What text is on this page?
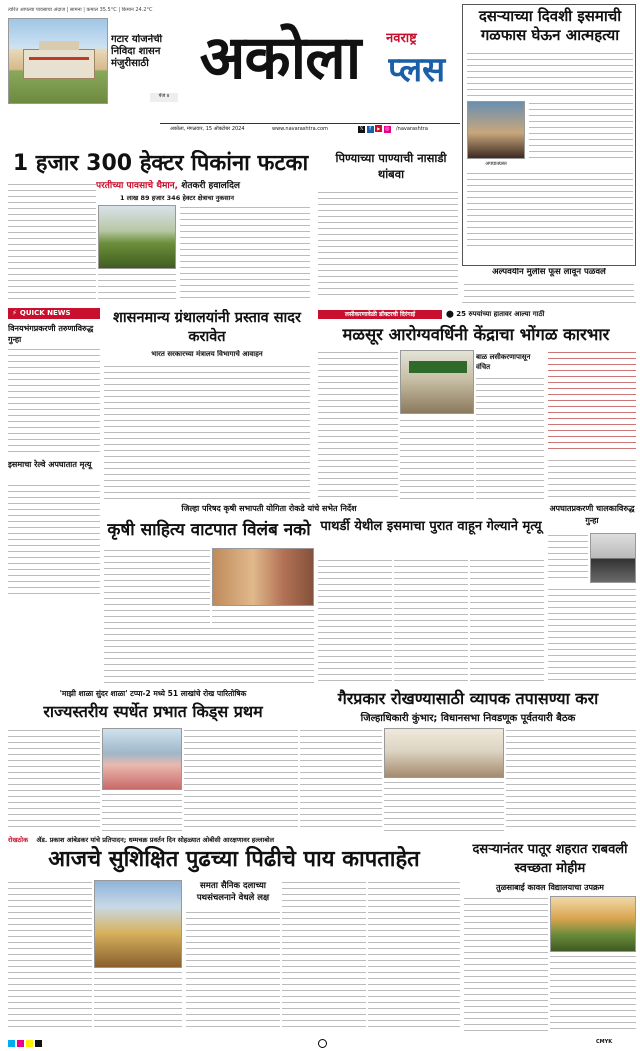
त्वरित आपल्या पावसाचा अंदाज | सामना | कमाल 35.5°C | किमान 24.2°C
गटार योजनेची निविदा शासन मंजुरीसाठी
पेज ४
अकोला	नवराष्ट्र
प्लस
अकोला, मंगळवार, 15 ऑक्टोबर 2024	www.navarashtra.com	𝕏 f ▶ ◎ /navarashtra
दसऱ्याच्या दिवशी इसमाची गळफास घेऊन आत्महत्या
अपघातग्रस्त
1 हजार 300 हेक्टर पिकांना फटका
परतीच्या पावसाचे थैमान, शेतकरी हवालदिल
1 लाख 89 हजार 346 हेक्टर क्षेत्राचा नुकसान
पिण्याच्या पाण्याची नासाडी थांबवा
अल्पवयीन मुलीस फूस लावून पळवले
⚡ QUICK NEWS
विनयभंगप्रकरणी तरुणाविरुद्ध गुन्हा
इसमाचा रेल्वे अपघातात मृत्यू
शासनमान्य ग्रंथालयांनी प्रस्ताव सादर करावेत
भारत सरकारच्या मंत्रालय विभागाचे आवाहन
लसीकरणावेळी डॉक्टरची दिरंगाई	⬤ 25 रुपयांच्या हातावर आल्या गाठी
मळसूर आरोग्यवर्धिनी केंद्राचा भोंगळ कारभार
बाळ लसीकरणापासून वंचित
जिल्हा परिषद कृषी सभापती योगिता रोकडे यांचे सभेत निर्देश
कृषी साहित्य वाटपात विलंब नको पाथर्डी येथील इसमाचा पुरात वाहून गेल्याने मृत्यू
अपघातप्रकरणी चालकाविरुद्ध गुन्हा
'माझी शाळा सुंदर शाळा' टप्पा-2 मध्ये 51 लाखांचे रोख पारितोषिक
राज्यस्तरीय स्पर्धेत प्रभात किड्स प्रथम
गैरप्रकार रोखण्यासाठी व्यापक तपासण्या करा
जिल्हाधिकारी कुंभार; विधानसभा निवडणूक पूर्वतयारी बैठक
रोखठोक ॲड. प्रकाश आंबेडकर यांचे प्रतिपादन; धम्मचक्र प्रवर्तन दिन सोहळ्यात ओबीसी आरक्षणावर हल्लाबोल
आजचे सुशिक्षित पुढच्या पिढीचे पाय कापताहेत
समता सैनिक दलाच्या पथसंचलनाने वेधले लक्ष
दसऱ्यानंतर पातूर शहरात राबवली स्वच्छता मोहीम
तुळसाबाई कावल विद्यालयाचा उपक्रम
CMYK
